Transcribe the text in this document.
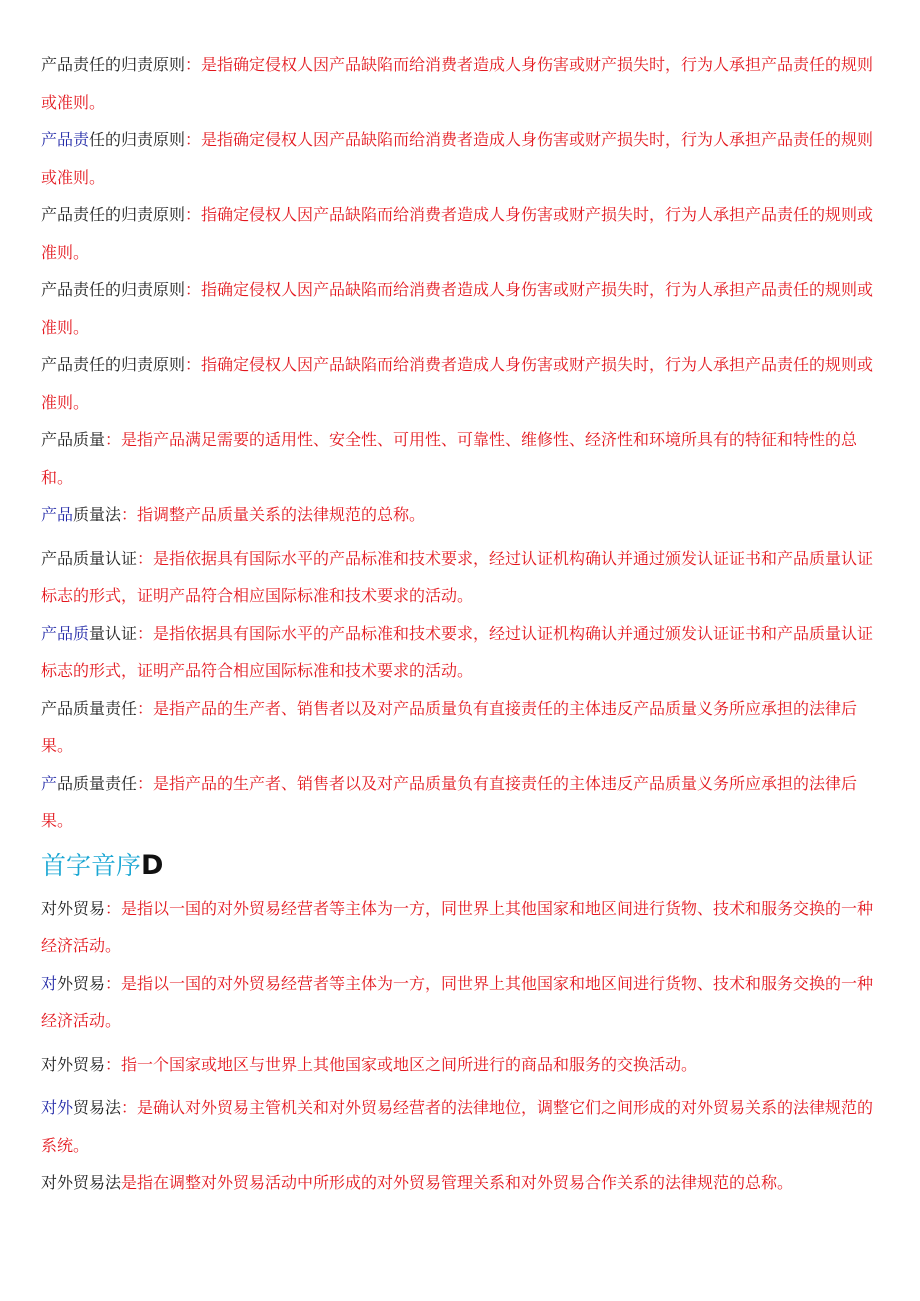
产品责任的归责原则：是指确定侵权人因产品缺陷而给消费者造成人身伤害或财产损失时，行为人承担产品责任的规则或准则。

产品责任的归责原则：是指确定侵权人因产品缺陷而给消费者造成人身伤害或财产损失时，行为人承担产品责任的规则或准则。

产品责任的归责原则：指确定侵权人因产品缺陷而给消费者造成人身伤害或财产损失时，行为人承担产品责任的规则或准则。

产品责任的归责原则：指确定侵权人因产品缺陷而给消费者造成人身伤害或财产损失时，行为人承担产品责任的规则或准则。

产品责任的归责原则：指确定侵权人因产品缺陷而给消费者造成人身伤害或财产损失时，行为人承担产品责任的规则或准则。

产品质量：是指产品满足需要的适用性、安全性、可用性、可靠性、维修性、经济性和环境所具有的特征和特性的总和。

产品质量法：指调整产品质量关系的法律规范的总称。

产品质量认证：是指依据具有国际水平的产品标准和技术要求，经过认证机构确认并通过颁发认证证书和产品质量认证标志的形式，证明产品符合相应国际标准和技术要求的活动。

产品质量认证：是指依据具有国际水平的产品标准和技术要求，经过认证机构确认并通过颁发认证证书和产品质量认证标志的形式，证明产品符合相应国际标准和技术要求的活动。

产品质量责任：是指产品的生产者、销售者以及对产品质量负有直接责任的主体违反产品质量义务所应承担的法律后果。

产品质量责任：是指产品的生产者、销售者以及对产品质量负有直接责任的主体违反产品质量义务所应承担的法律后果。

首字音序D

对外贸易：是指以一国的对外贸易经营者等主体为一方，同世界上其他国家和地区间进行货物、技术和服务交换的一种经济活动。

对外贸易：是指以一国的对外贸易经营者等主体为一方，同世界上其他国家和地区间进行货物、技术和服务交换的一种经济活动。

对外贸易：指一个国家或地区与世界上其他国家或地区之间所进行的商品和服务的交换活动。

对外贸易法：是确认对外贸易主管机关和对外贸易经营者的法律地位，调整它们之间形成的对外贸易关系的法律规范的系统。

对外贸易法是指在调整对外贸易活动中所形成的对外贸易管理关系和对外贸易合作关系的法律规范的总称。
